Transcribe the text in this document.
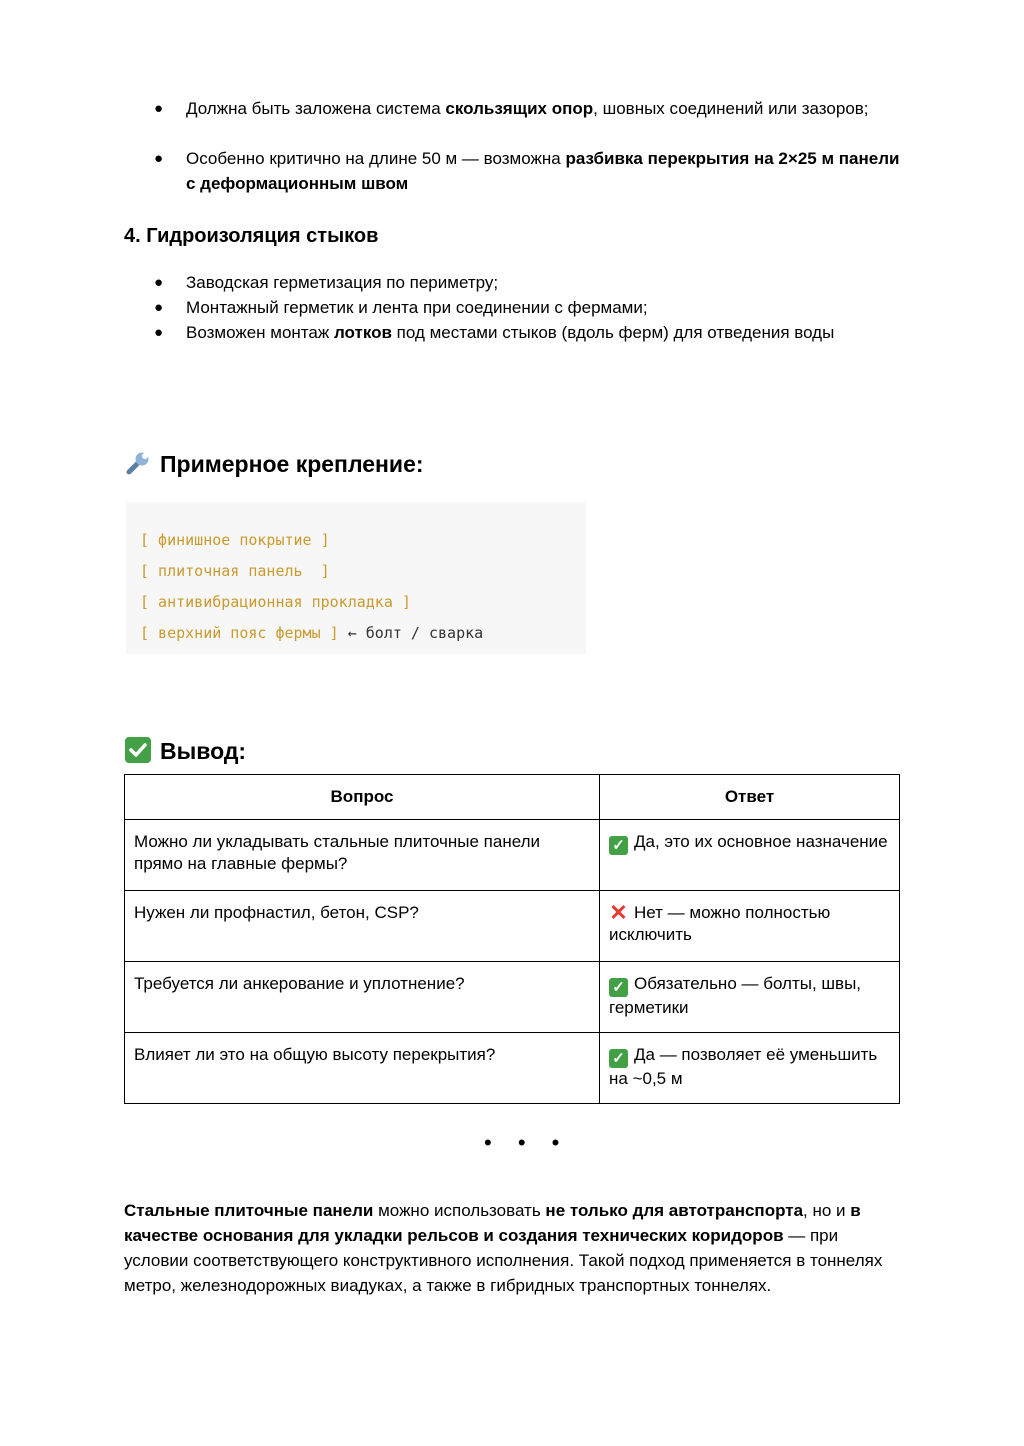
● Должна быть заложена система скользящих опор, шовных соединений или зазоров;
● Особенно критично на длине 50 м — возможна разбивка перекрытия на 2×25 м панели с деформационным швом
4. Гидроизоляция стыков
● Заводская герметизация по периметру;
● Монтажный герметик и лента при соединении с фермами;
● Возможен монтаж лотков под местами стыков (вдоль ферм) для отведения воды
Примерное крепление:
[ финишное покрытие ]
[ плиточная панель  ]
[ антивибрационная прокладка ]
[ верхний пояс фермы ] ← болт / сварка
Вывод:
Вопрос	Ответ
Можно ли укладывать стальные плиточные панели прямо на главные фермы?	✓ Да, это их основное назначение
Нужен ли профнастил, бетон, CSP?	✕ Нет — можно полностью исключить
Требуется ли анкерование и уплотнение?	✓ Обязательно — болты, швы, герметики
Влияет ли это на общую высоту перекрытия?	✓ Да — позволяет её уменьшить на ~0,5 м
• • •
Стальные плиточные панели можно использовать не только для автотранспорта, но и в качестве основания для укладки рельсов и создания технических коридоров — при условии соответствующего конструктивного исполнения. Такой подход применяется в тоннелях метро, железнодорожных виадуках, а также в гибридных транспортных тоннелях.
